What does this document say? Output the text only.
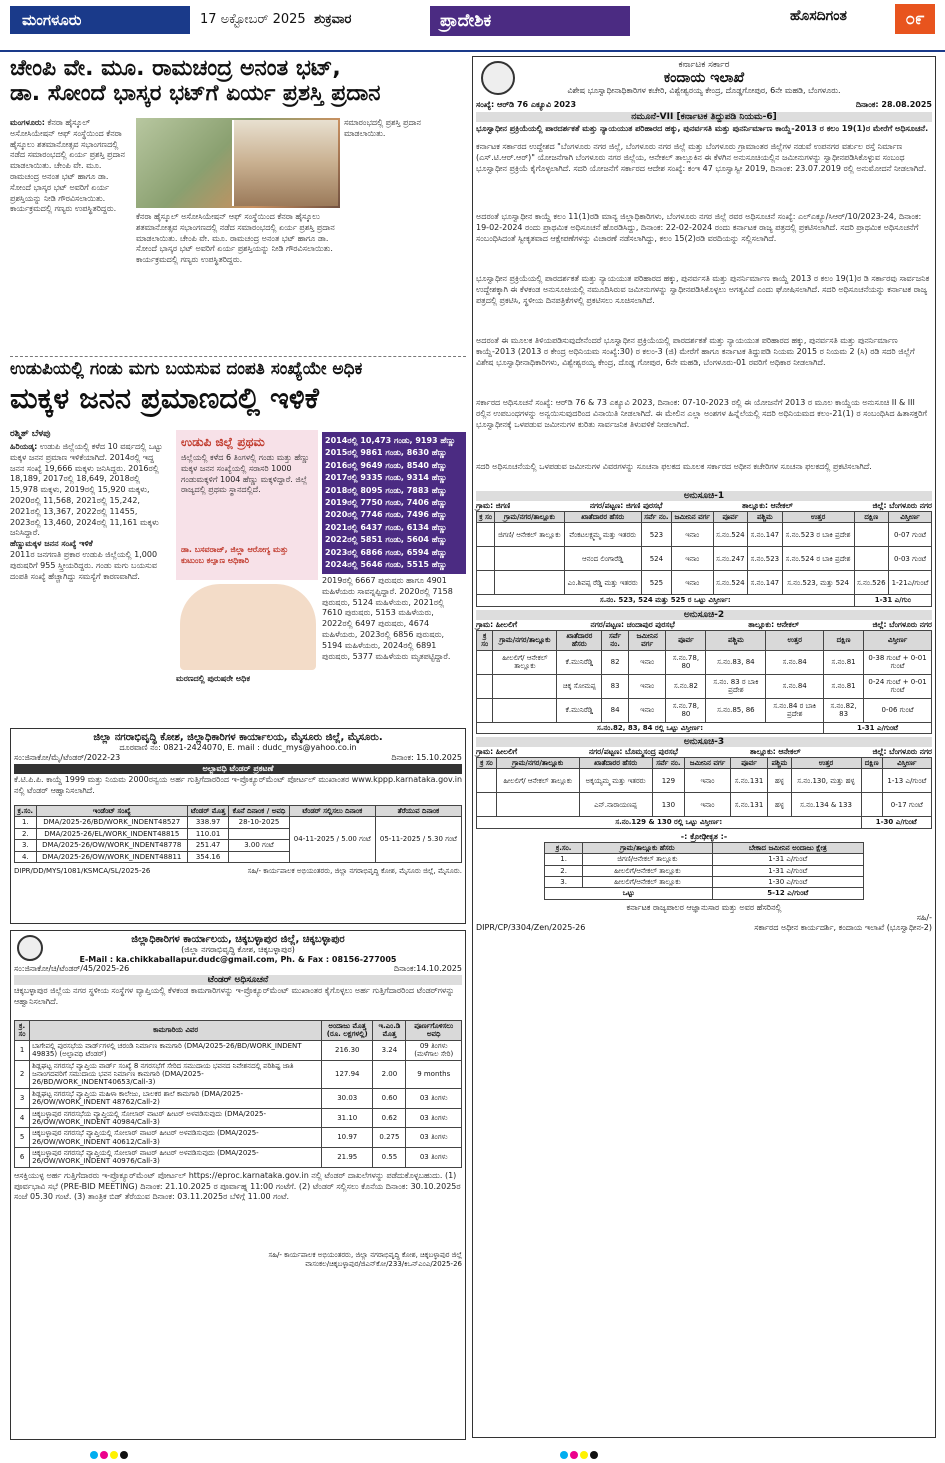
ಮಂಗಳೂರು	17 ಅಕ್ಟೋಬರ್ 2025 ಶುಕ್ರವಾರ	ಪ್ರಾದೇಶಿಕ	ಹೊಸದಿಗಂತ	೦೯
ಚೇಂಪಿ ವೇ. ಮೂ. ರಾಮಚಂದ್ರ ಅನಂತ ಭಟ್,
ಡಾ. ಸೋಂದೆ ಭಾಸ್ಕರ ಭಟ್‌ಗೆ ಏರ್ಯ ಪ್ರಶಸ್ತಿ ಪ್ರದಾನ
ಮಂಗಳೂರು: ಕೆನರಾ ಹೈಸ್ಕೂಲ್ ಅಸೋಸಿಯೇಷನ್ ಆಫ್ ಸಂಸ್ಥೆಯಿಂದ ಕೆನರಾ ಹೈಸ್ಕೂಲು ಶತಮಾನೋತ್ಸವ ಸಭಾಂಗಣದಲ್ಲಿ ನಡೆದ ಸಮಾರಂಭದಲ್ಲಿ ಏರ್ಯ ಪ್ರಶಸ್ತಿ ಪ್ರದಾನ ಮಾಡಲಾಯಿತು. ಚೇಂಪಿ ವೇ. ಮೂ. ರಾಮಚಂದ್ರ ಅನಂತ ಭಟ್ ಹಾಗೂ ಡಾ. ಸೋಂದೆ ಭಾಸ್ಕರ ಭಟ್ ಅವರಿಗೆ ಏರ್ಯ ಪ್ರಶಸ್ತಿಯನ್ನು ನೀಡಿ ಗೌರವಿಸಲಾಯಿತು. ಕಾರ್ಯಕ್ರಮದಲ್ಲಿ ಗಣ್ಯರು ಉಪಸ್ಥಿತರಿದ್ದರು.
ಕೆನರಾ ಹೈಸ್ಕೂಲ್ ಅಸೋಸಿಯೇಷನ್ ಆಫ್ ಸಂಸ್ಥೆಯಿಂದ ಕೆನರಾ ಹೈಸ್ಕೂಲು ಶತಮಾನೋತ್ಸವ ಸಭಾಂಗಣದಲ್ಲಿ ನಡೆದ ಸಮಾರಂಭದಲ್ಲಿ ಏರ್ಯ ಪ್ರಶಸ್ತಿ ಪ್ರದಾನ ಮಾಡಲಾಯಿತು. ಚೇಂಪಿ ವೇ. ಮೂ. ರಾಮಚಂದ್ರ ಅನಂತ ಭಟ್ ಹಾಗೂ ಡಾ. ಸೋಂದೆ ಭಾಸ್ಕರ ಭಟ್ ಅವರಿಗೆ ಏರ್ಯ ಪ್ರಶಸ್ತಿಯನ್ನು ನೀಡಿ ಗೌರವಿಸಲಾಯಿತು. ಕಾರ್ಯಕ್ರಮದಲ್ಲಿ ಗಣ್ಯರು ಉಪಸ್ಥಿತರಿದ್ದರು.
ಸಮಾರಂಭದಲ್ಲಿ ಪ್ರಶಸ್ತಿ ಪ್ರದಾನ ಮಾಡಲಾಯಿತು.
ಉಡುಪಿಯಲ್ಲಿ ಗಂಡು ಮಗು ಬಯಸುವ ದಂಪತಿ ಸಂಖ್ಯೆಯೇ ಅಧಿಕ
ಮಕ್ಕಳ ಜನನ ಪ್ರಮಾಣದಲ್ಲಿ ಇಳಿಕೆ
ರಶ್ಮಿತ್ ಬೆಳಪು
ಹಿರಿಯಡ್ಕ: ಉಡುಪಿ ಜಿಲ್ಲೆಯಲ್ಲಿ ಕಳೆದ 10 ವರ್ಷದಲ್ಲಿ ಒಟ್ಟು ಮಕ್ಕಳ ಜನನ ಪ್ರಮಾಣ ಇಳಿಕೆಯಾಗಿದೆ. 2014ರಲ್ಲಿ ಇದ್ದ ಜನನ ಸಂಖ್ಯೆ 19,666 ಮಕ್ಕಳು ಜನಿಸಿದ್ದರು. 2016ರಲ್ಲಿ 18,189, 2017ರಲ್ಲಿ 18,649, 2018ರಲ್ಲಿ 15,978 ಮಕ್ಕಳು, 2019ರಲ್ಲಿ 15,920 ಮಕ್ಕಳು, 2020ರಲ್ಲಿ 11,568, 2021ರಲ್ಲಿ 15,242, 2021ರಲ್ಲಿ 13,367, 2022ರಲ್ಲಿ 11455, 2023ರಲ್ಲಿ 13,460, 2024ರಲ್ಲಿ 11,161 ಮಕ್ಕಳು ಜನಿಸಿದ್ದಾರೆ.
ಹೆಣ್ಣುಮಕ್ಕಳ ಜನನ ಸಂಖ್ಯೆ ಇಳಿಕೆ
2011ರ ಜನಗಣತಿ ಪ್ರಕಾರ ಉಡುಪಿ ಜಿಲ್ಲೆಯಲ್ಲಿ 1,000 ಪುರುಷರಿಗೆ 955 ಸ್ತ್ರೀಯರಿದ್ದರು. ಗಂಡು ಮಗು ಬಯಸುವ ದಂಪತಿ ಸಂಖ್ಯೆ ಹೆಚ್ಚಾಗಿದ್ದು ಸಮಸ್ಯೆಗೆ ಕಾರಣವಾಗಿದೆ.
ಉಡುಪಿ ಜಿಲ್ಲೆ ಪ್ರಥಮ
ಜಿಲ್ಲೆಯಲ್ಲಿ ಕಳೆದ 6 ತಿಂಗಳಲ್ಲಿ ಗಂಡು ಮತ್ತು ಹೆಣ್ಣು ಮಕ್ಕಳ ಜನನ ಸಂಖ್ಯೆಯಲ್ಲಿ ಸರಾಸರಿ 1000 ಗಂಡುಮಕ್ಕಳಿಗೆ 1004 ಹೆಣ್ಣು ಮಕ್ಕಳಿದ್ದಾರೆ. ಜಿಲ್ಲೆ ರಾಜ್ಯದಲ್ಲಿ ಪ್ರಥಮ ಸ್ಥಾನದಲ್ಲಿದೆ.
ಡಾ. ಬಸವರಾಜ್, ಜಿಲ್ಲಾ ಆರೋಗ್ಯ ಮತ್ತು ಕುಟುಂಬ ಕಲ್ಯಾಣ ಅಧಿಕಾರಿ
2014ರಲ್ಲಿ 10,473 ಗಂಡು, 9193 ಹೆಣ್ಣು
2015ರಲ್ಲಿ 9861 ಗಂಡು, 8630 ಹೆಣ್ಣು
2016ರಲ್ಲಿ 9649 ಗಂಡು, 8540 ಹೆಣ್ಣು
2017ರಲ್ಲಿ 9335 ಗಂಡು, 9314 ಹೆಣ್ಣು
2018ರಲ್ಲಿ 8095 ಗಂಡು, 7883 ಹೆಣ್ಣು
2019ರಲ್ಲಿ 7750 ಗಂಡು, 7406 ಹೆಣ್ಣು
2020ರಲ್ಲಿ 7746 ಗಂಡು, 7496 ಹೆಣ್ಣು
2021ರಲ್ಲಿ 6437 ಗಂಡು, 6134 ಹೆಣ್ಣು
2022ರಲ್ಲಿ 5851 ಗಂಡು, 5604 ಹೆಣ್ಣು
2023ರಲ್ಲಿ 6866 ಗಂಡು, 6594 ಹೆಣ್ಣು
2024ರಲ್ಲಿ 5646 ಗಂಡು, 5515 ಹೆಣ್ಣು
2019ರಲ್ಲಿ 6667 ಪುರುಷರು ಹಾಗೂ 4901 ಮಹಿಳೆಯರು ಸಾವನ್ನಪ್ಪಿದ್ದಾರೆ. 2020ರಲ್ಲಿ 7158 ಪುರುಷರು, 5124 ಮಹಿಳೆಯರು, 2021ರಲ್ಲಿ 7610 ಪುರುಷರು, 5153 ಮಹಿಳೆಯರು, 2022ರಲ್ಲಿ 6497 ಪುರುಷರು, 4674 ಮಹಿಳೆಯರು, 2023ರಲ್ಲಿ 6856 ಪುರುಷರು, 5194 ಮಹಿಳೆಯರು, 2024ರಲ್ಲಿ 6891 ಪುರುಷರು, 5377 ಮಹಿಳೆಯರು ಮೃತಪಟ್ಟಿದ್ದಾರೆ.
ಮರಣದಲ್ಲಿ ಪುರುಷರೇ ಅಧಿಕ
ಜಿಲ್ಲಾ ನಗರಾಭಿವೃದ್ಧಿ ಕೋಶ, ಜಿಲ್ಲಾಧಿಕಾರಿಗಳ ಕಾರ್ಯಾಲಯ, ಮೈಸೂರು ಜಿಲ್ಲೆ, ಮೈಸೂರು.
ದೂರವಾಣಿ ನಂ: 0821-2424070, E. mail : dudc_mys@yahoo.co.in
ಸಂ:ಜಿನಾಕೋ/ಮೈ/ಟೆಂಡರ್/2022-23	ದಿನಾಂಕ: 15.10.2025
ಅಲ್ಪಾವಧಿ ಟೆಂಡರ್ ಪ್ರಕಟಣೆ
ಕೆ.ಟಿ.ಪಿ.ಪಿ. ಕಾಯ್ದೆ 1999 ಮತ್ತು ನಿಯಮ 2000ರನ್ವಯ ಅರ್ಹ ಗುತ್ತಿಗೆದಾರರಿಂದ ಇ-ಪ್ರೊಕ್ಯೂರ್‌ಮೆಂಟ್ ಪೋರ್ಟಲ್ ಮುಖಾಂತರ www.kppp.karnataka.gov.in ನಲ್ಲಿ ಟೆಂಡರ್ ಆಹ್ವಾನಿಸಲಾಗಿದೆ.
ಕ್ರ.ಸಂ.	ಇಂಡೆಂಟ್ ಸಂಖ್ಯೆ	ಟೆಂಡರ್ ಮೊತ್ತ	ಕೊನೆ ದಿನಾಂಕ / ಅವಧಿ	ಟೆಂಡರ್ ಸಲ್ಲಿಸಲು ದಿನಾಂಕ	ತೆರೆಯುವ ದಿನಾಂಕ
1.	DMA/2025-26/BD/WORK_INDENT48527	338.97	28-10-2025	04-11-2025 / 5.00 ಗಂಟೆ	05-11-2025 / 5.30 ಗಂಟೆ
2.	DMA/2025-26/EL/WORK_INDENT48815	110.01			
3.	DMA/2025-26/OW/WORK_INDENT48778	251.47	3.00 ಗಂಟೆ		
4.	DMA/2025-26/OW/WORK_INDENT48811	354.16			
DIPR/DD/MYS/1081/KSMCA/SL/2025-26	ಸಹಿ/- ಕಾರ್ಯಪಾಲಕ ಅಭಿಯಂತರರು, ಜಿಲ್ಲಾ ನಗರಾಭಿವೃದ್ಧಿ ಕೋಶ, ಮೈಸೂರು ಜಿಲ್ಲೆ, ಮೈಸೂರು.
ಜಿಲ್ಲಾಧಿಕಾರಿಗಳ ಕಾರ್ಯಾಲಯ, ಚಿಕ್ಕಬಳ್ಳಾಪುರ ಜಿಲ್ಲೆ, ಚಿಕ್ಕಬಳ್ಳಾಪುರ
(ಜಿಲ್ಲಾ ನಗರಾಭಿವೃದ್ಧಿ ಕೋಶ, ಚಿಕ್ಕಬಳ್ಳಾಪುರ)
E-Mail : ka.chikkaballapur.dudc@gmail.com, Ph. & Fax : 08156-277005
ಸಂ:ಜಿನಾಕೋ/ಚಿ/ಟೆಂಡರ್/45/2025-26	ದಿನಾಂಕ:14.10.2025
ಟೆಂಡರ್ ಅಧಿಸೂಚನೆ
ಚಿಕ್ಕಬಳ್ಳಾಪುರ ಜಿಲ್ಲೆಯ ನಗರ ಸ್ಥಳೀಯ ಸಂಸ್ಥೆಗಳ ವ್ಯಾಪ್ತಿಯಲ್ಲಿ ಕೆಳಕಂಡ ಕಾಮಗಾರಿಗಳನ್ನು ಇ-ಪ್ರೊಕ್ಯೂರ್‌ಮೆಂಟ್ ಮುಖಾಂತರ ಕೈಗೊಳ್ಳಲು ಅರ್ಹ ಗುತ್ತಿಗೆದಾರರಿಂದ ಟೆಂಡರ್‌ಗಳನ್ನು ಆಹ್ವಾನಿಸಲಾಗಿದೆ.
ಕ್ರ. ಸಂ	ಕಾಮಗಾರಿಯ ವಿವರ	ಅಂದಾಜು ಮೊತ್ತ (ರೂ. ಲಕ್ಷಗಳಲ್ಲಿ)	ಇ.ಎಂ.ಡಿ ಮೊತ್ತ	ಪೂರ್ಣಗೊಳಿಸಲು ಅವಧಿ
1	ಬಾಗೇಪಲ್ಲಿ ಪುರಸಭೆಯ ವಾರ್ಡ್‌ಗಳಲ್ಲಿ ಚರಂಡಿ ನಿರ್ಮಾಣ ಕಾಮಗಾರಿ (DMA/2025-26/BD/WORK_INDENT 49835) (ಅಲ್ಪಾವಧಿ ಟೆಂಡರ್)	216.30	3.24	09 ತಿಂಗಳು (ಮಳೆಗಾಲ ಸೇರಿ)
2	ಶಿಡ್ಲಘಟ್ಟ ನಗರಸಭೆ ವ್ಯಾಪ್ತಿಯ ವಾರ್ಡ್ ಸಂಖ್ಯೆ 8 ನಗರಸಭೆಗೆ ಸೇರಿದ ಸಮುದಾಯ ಭವನದ ನಿವೇಶನದಲ್ಲಿ ಪರಿಶಿಷ್ಟ ಜಾತಿ ಜನಾಂಗದವರಿಗೆ ಸಮುದಾಯ ಭವನ ನಿರ್ಮಾಣ ಕಾಮಗಾರಿ (DMA/2025-26/BD/WORK_INDENT40653/Call-3)	127.94	2.00	9 months
3	ಶಿಡ್ಲಘಟ್ಟ ನಗರಸಭೆ ವ್ಯಾಪ್ತಿಯ ಮಹಿಳಾ ಕಾಲೇಜು, ಬಾಲಕರ ಶಾಲೆ ಕಾಮಗಾರಿ (DMA/2025-26/OW/WORK_INDENT 48762/Call-2)	30.03	0.60	03 ತಿಂಗಳು
4	ಚಿಕ್ಕಬಳ್ಳಾಪುರ ನಗರಸಭೆಯ ವ್ಯಾಪ್ತಿಯಲ್ಲಿ ಸೋಲಾರ್ ವಾಟರ್ ಹೀಟರ್ ಅಳವಡಿಸುವುದು (DMA/2025-26/OW/WORK_INDENT 40984/Call-3)	31.10	0.62	03 ತಿಂಗಳು
5	ಚಿಕ್ಕಬಳ್ಳಾಪುರ ನಗರಸಭೆ ವ್ಯಾಪ್ತಿಯಲ್ಲಿ ಸೋಲಾರ್ ವಾಟರ್ ಹೀಟರ್ ಅಳವಡಿಸುವುದು (DMA/2025-26/OW/WORK_INDENT 40612/Call-3)	10.97	0.275	03 ತಿಂಗಳು
6	ಚಿಕ್ಕಬಳ್ಳಾಪುರ ನಗರಸಭೆ ವ್ಯಾಪ್ತಿಯಲ್ಲಿ ಸೋಲಾರ್ ವಾಟರ್ ಹೀಟರ್ ಅಳವಡಿಸುವುದು (DMA/2025-26/OW/WORK_INDENT 40976/Call-3)	21.95	0.55	03 ತಿಂಗಳು
ಆಸಕ್ತಿಯುಳ್ಳ ಅರ್ಹ ಗುತ್ತಿಗೆದಾರರು ಇ-ಪ್ರೊಕ್ಯೂರ್‌ಮೆಂಟ್ ಪೋರ್ಟಲ್ https://eproc.karnataka.gov.in ನಲ್ಲಿ ಟೆಂಡರ್ ದಾಖಲೆಗಳನ್ನು ಪಡೆದುಕೊಳ್ಳಬಹುದು. (1) ಪೂರ್ವಭಾವಿ ಸಭೆ (PRE-BID MEETING) ದಿನಾಂಕ: 21.10.2025 ರ ಪೂರ್ವಾಹ್ನ 11:00 ಗಂಟೆಗೆ. (2) ಟೆಂಡರ್ ಸಲ್ಲಿಸಲು ಕೊನೆಯ ದಿನಾಂಕ: 30.10.2025ರ ಸಂಜೆ 05.30 ಗಂಟೆ. (3) ತಾಂತ್ರಿಕ ಬಿಡ್ ತೆರೆಯುವ ದಿನಾಂಕ: 03.11.2025ರ ಬೆಳಿಗ್ಗೆ 11.00 ಗಂಟೆ.
ಸಹಿ/- ಕಾರ್ಯಪಾಲಕ ಅಭಿಯಂತರರು, ಜಿಲ್ಲಾ ನಗರಾಭಿವೃದ್ಧಿ ಕೋಶ, ಚಿಕ್ಕಬಳ್ಳಾಪುರ ಜಿಲ್ಲೆ
ವಾಸಂಕಲ/ಚಿಕ್ಕಬಳ್ಳಾಪುರ/ಜಿಎನ್‌ಕೋ/233/ಕಿಒನ್‌ಎಂಎ/2025-26
ಕರ್ನಾಟಕ ಸರ್ಕಾರ
ಕಂದಾಯ ಇಲಾಖೆ
ವಿಶೇಷ ಭೂಸ್ವಾಧೀನಾಧಿಕಾರಿಗಳ ಕಚೇರಿ, ವಿಶ್ವೇಶ್ವರಯ್ಯ ಕೇಂದ್ರ, ದೊಡ್ಡಗೋಪುರ, 6ನೇ ಮಹಡಿ, ಬೆಂಗಳೂರು.
ಸಂಖ್ಯೆ: ಆರ್‌ಡಿ 76 ಎಕ್ಯೂವಿ 2023	ದಿನಾಂಕ: 28.08.2025
ನಮೂನೆ-VII [ಕರ್ನಾಟಕ ತಿದ್ದುಪಡಿ ನಿಯಮ-6]
ಭೂಸ್ವಾಧೀನ ಪ್ರಕ್ರಿಯೆಯಲ್ಲಿ ಪಾರದರ್ಶಕತೆ ಮತ್ತು ನ್ಯಾಯಯುತ ಪರಿಹಾರದ ಹಕ್ಕು, ಪುನರ್ವಸತಿ ಮತ್ತು ಪುನರ್ನಿರ್ಮಾಣ ಕಾಯ್ದೆ-2013 ರ ಕಲಂ 19(1)ರ ಮೇರೆಗೆ ಅಧಿಸೂಚನೆ.
ಕರ್ನಾಟಕ ಸರ್ಕಾರದ ಉದ್ದೇಶದ "ಬೆಂಗಳೂರು ನಗರ ಜಿಲ್ಲೆ, ಬೆಂಗಳೂರು ನಗರ ಜಿಲ್ಲೆ ಮತ್ತು ಬೆಂಗಳೂರು ಗ್ರಾಮಾಂತರ ಜಿಲ್ಲೆಗಳ ನಡುವೆ ಉಪನಗರ ವರ್ತುಲ ರಸ್ತೆ ನಿರ್ಮಾಣ (ಎಸ್.ಟಿ.ಆರ್.ಆರ್)" ಯೋಜನೆಗಾಗಿ ಬೆಂಗಳೂರು ನಗರ ಜಿಲ್ಲೆಯ, ಆನೇಕಲ್ ತಾಲ್ಲೂಕಿನ ಈ ಕೆಳಗಿನ ಅನುಸೂಚಿಯಲ್ಲಿನ ಜಮೀನುಗಳನ್ನು ಸ್ವಾಧೀನಪಡಿಸಿಕೊಳ್ಳುವ ಸಂಬಂಧ ಭೂಸ್ವಾಧೀನ ಪ್ರಕ್ರಿಯೆ ಕೈಗೊಳ್ಳಲಾಗಿದೆ. ಸದರಿ ಯೋಜನೆಗೆ ಸರ್ಕಾರದ ಆದೇಶ ಸಂಖ್ಯೆ: ಕಂಇ 47 ಭೂಸ್ವಾಸ್ವೀ 2019, ದಿನಾಂಕ: 23.07.2019 ರಲ್ಲಿ ಅನುಮೋದನೆ ನೀಡಲಾಗಿದೆ.
ಅದರಂತೆ ಭೂಸ್ವಾಧೀನ ಕಾಯ್ದೆ ಕಲಂ 11(1)ರಡಿ ಮಾನ್ಯ ಜಿಲ್ಲಾಧಿಕಾರಿಗಳು, ಬೆಂಗಳೂರು ನಗರ ಜಿಲ್ಲೆ ರವರ ಅಧಿಸೂಚನೆ ಸಂಖ್ಯೆ: ಎಲ್‌ಎಕ್ಯೂ/ಸಿಆರ್/10/2023-24, ದಿನಾಂಕ: 19-02-2024 ರಂದು ಪ್ರಾಥಮಿಕ ಅಧಿಸೂಚನೆ ಹೊರಡಿಸಿದ್ದು, ದಿನಾಂಕ: 22-02-2024 ರಂದು ಕರ್ನಾಟಕ ರಾಜ್ಯ ಪತ್ರದಲ್ಲಿ ಪ್ರಕಟಿಸಲಾಗಿದೆ. ಸದರಿ ಪ್ರಾಥಮಿಕ ಅಧಿಸೂಚನೆಗೆ ಸಂಬಂಧಿಸಿದಂತೆ ಸ್ವೀಕೃತವಾದ ಆಕ್ಷೇಪಣೆಗಳನ್ನು ವಿಚಾರಣೆ ನಡೆಸಲಾಗಿದ್ದು, ಕಲಂ 15(2)ರಡಿ ವರದಿಯನ್ನು ಸಲ್ಲಿಸಲಾಗಿದೆ.
ಭೂಸ್ವಾಧೀನ ಪ್ರಕ್ರಿಯೆಯಲ್ಲಿ ಪಾರದರ್ಶಕತೆ ಮತ್ತು ನ್ಯಾಯಯುತ ಪರಿಹಾರದ ಹಕ್ಕು, ಪುನರ್ವಸತಿ ಮತ್ತು ಪುನರ್ನಿರ್ಮಾಣ ಕಾಯ್ದೆ 2013 ರ ಕಲಂ 19(1)ರ ಡಿ ಸರ್ಕಾರವು ಸಾರ್ವಜನಿಕ ಉದ್ದೇಶಕ್ಕಾಗಿ ಈ ಕೆಳಕಂಡ ಅನುಸೂಚಿಯಲ್ಲಿ ನಮೂದಿಸಿರುವ ಜಮೀನುಗಳನ್ನು ಸ್ವಾಧೀನಪಡಿಸಿಕೊಳ್ಳಲು ಅಗತ್ಯವಿದೆ ಎಂದು ಘೋಷಿಸಲಾಗಿದೆ. ಸದರಿ ಅಧಿಸೂಚನೆಯನ್ನು ಕರ್ನಾಟಕ ರಾಜ್ಯ ಪತ್ರದಲ್ಲಿ ಪ್ರಕಟಿಸಿ, ಸ್ಥಳೀಯ ದಿನಪತ್ರಿಕೆಗಳಲ್ಲಿ ಪ್ರಕಟಿಸಲು ಸೂಚಿಸಲಾಗಿದೆ.
ಅದರಂತೆ ಈ ಮೂಲಕ ತಿಳಿಯಪಡಿಸುವುದೇನೆಂದರೆ ಭೂಸ್ವಾಧೀನ ಪ್ರಕ್ರಿಯೆಯಲ್ಲಿ ಪಾರದರ್ಶಕತೆ ಮತ್ತು ನ್ಯಾಯಯುತ ಪರಿಹಾರದ ಹಕ್ಕು, ಪುನರ್ವಸತಿ ಮತ್ತು ಪುನರ್ನಿರ್ಮಾಣ ಕಾಯ್ದೆ-2013 (2013 ರ ಕೇಂದ್ರ ಅಧಿನಿಯಮ ಸಂಖ್ಯೆ:30) ರ ಕಲಂ-3 (ಜಿ) ಮೇರೆಗೆ ಹಾಗೂ ಕರ್ನಾಟಕ ತಿದ್ದುಪಡಿ ನಿಯಮ 2015 ರ ನಿಯಮ 2 (ಸಿ) ರಡಿ ಸದರಿ ಜಿಲ್ಲೆಗೆ ವಿಶೇಷ ಭೂಸ್ವಾಧೀನಾಧಿಕಾರಿಗಳು, ವಿಶ್ವೇಶ್ವರಯ್ಯ ಕೇಂದ್ರ, ದೊಡ್ಡ ಗೋಪುರ, 6ನೇ ಮಹಡಿ, ಬೆಂಗಳೂರು-01 ರವರಿಗೆ ಅಧಿಕಾರ ನೀಡಲಾಗಿದೆ.
ಸರ್ಕಾರದ ಅಧಿಸೂಚನೆ ಸಂಖ್ಯೆ: ಆರ್‌ಡಿ 76 & 73 ಎಕ್ಯೂವಿ 2023, ದಿನಾಂಕ: 07-10-2023 ರಲ್ಲಿ ಈ ಯೋಜನೆಗೆ 2013 ರ ಮೂಲ ಕಾಯ್ದೆಯ ಅನುಸೂಚಿ II & III ರಲ್ಲಿನ ಉಪಬಂಧಗಳನ್ನು ಅನ್ವಯಿಸುವುದರಿಂದ ವಿನಾಯಿತಿ ನೀಡಲಾಗಿದೆ. ಈ ಮೇಲಿನ ಎಲ್ಲಾ ಅಂಶಗಳ ಹಿನ್ನೆಲೆಯಲ್ಲಿ ಸದರಿ ಅಧಿನಿಯಮದ ಕಲಂ-21(1) ರ ಸಂಬಂಧಿಸಿದ ಹಿತಾಸಕ್ತರಿಗೆ ಭೂಸ್ವಾಧೀನಕ್ಕೆ ಒಳಪಡುವ ಜಮೀನುಗಳ ಕುರಿತು ಸಾರ್ವಜನಿಕ ತಿಳುವಳಿಕೆ ನೀಡಲಾಗಿದೆ.
ಸದರಿ ಅಧಿಸೂಚನೆಯಲ್ಲಿ ಒಳಪಡುವ ಜಮೀನುಗಳ ವಿವರಗಳನ್ನು ಸೂಚನಾ ಫಲಕದ ಮೂಲಕ ಸರ್ಕಾರದ ಅಧೀನ ಕಚೇರಿಗಳ ಸೂಚನಾ ಫಲಕದಲ್ಲಿ ಪ್ರಕಟಿಸಲಾಗಿದೆ.
ಅನುಸೂಚಿ-1
ಗ್ರಾಮ: ಜಿಗಣಿ	ನಗರ/ಪಟ್ಟಣ: ಜಿಗಣಿ ಪುರಸಭೆ	ತಾಲ್ಲೂಕು: ಆನೇಕಲ್	ಜಿಲ್ಲೆ: ಬೆಂಗಳೂರು ನಗರ
ಕ್ರ ಸಂ	ಗ್ರಾಮ/ನಗರ/ತಾಲ್ಲೂಕು	ಖಾತೆದಾರರ ಹೆಸರು	ಸರ್ವೆ ನಂ.	ಜಮೀನಿನ ವರ್ಗ	ಪೂರ್ವ	ಪಶ್ಚಿಮ	ಉತ್ತರ	ದಕ್ಷಿಣ	ವಿಸ್ತೀರ್ಣ
	ಜಿಗಣಿ/ ಆನೇಕಲ್ ತಾಲ್ಲೂಕು	ವೆಂಕಟಲಕ್ಷ್ಮಮ್ಮ ಮತ್ತು ಇತರರು	523	ಇನಾಂ	ಸ.ನಂ.524	ಸ.ನಂ.147	ಸ.ನಂ.523 ರ ಬಾಕಿ ಪ್ರದೇಶ		0-07 ಗುಂಟೆ
		ಆನಂದ ಲಿಂಗಾರೆಡ್ಡಿ	524	ಇನಾಂ	ಸ.ನಂ.247	ಸ.ನಂ.523	ಸ.ನಂ.524 ರ ಬಾಕಿ ಪ್ರದೇಶ		0-03 ಗುಂಟೆ
		ಎಂ.ಶಿವಪ್ಪ ರೆಡ್ಡಿ ಮತ್ತು ಇತರರು	525	ಇನಾಂ	ಸ.ನಂ.524	ಸ.ನಂ.147	ಸ.ನಂ.523, ಮತ್ತು 524	ಸ.ನಂ.526	1-21ಎ/ಗುಂಟೆ
ಸ.ನಂ. 523, 524 ಮತ್ತು 525 ರ ಒಟ್ಟು ವಿಸ್ತೀರ್ಣ:								1-31 ಎ/ಗುಂ	
ಅನುಸೂಚಿ-2
ಗ್ರಾಮ: ಹೀಲಲಿಗೆ	ನಗರ/ಪಟ್ಟಣ: ಚಂದಾಪುರ ಪುರಸಭೆ	ತಾಲ್ಲೂಕು: ಆನೇಕಲ್	ಜಿಲ್ಲೆ: ಬೆಂಗಳೂರು ನಗರ
ಕ್ರ ಸಂ	ಗ್ರಾಮ/ನಗರ/ತಾಲ್ಲೂಕು	ಖಾತೆದಾರರ ಹೆಸರು	ಸರ್ವೆ ನಂ.	ಜಮೀನಿನ ವರ್ಗ	ಪೂರ್ವ	ಪಶ್ಚಿಮ	ಉತ್ತರ	ದಕ್ಷಿಣ	ವಿಸ್ತೀರ್ಣ
	ಹೀಲಲಿಗೆ/ ಆನೇಕಲ್ ತಾಲ್ಲೂಕು	ಕೆ.ಮುನಿರೆಡ್ಡಿ	82	ಇನಾಂ	ಸ.ನಂ.78, 80	ಸ.ನಂ.83, 84	ಸ.ನಂ.84	ಸ.ನಂ.81	0-38 ಗುಂಟೆ + 0-01 ಗುಂಟೆ
		ಚಿಕ್ಕ ಸೋಮಪ್ಪ	83	ಇನಾಂ	ಸ.ನಂ.82	ಸ.ನಂ. 83 ರ ಬಾಕಿ ಪ್ರದೇಶ	ಸ.ನಂ.84	ಸ.ನಂ.81	0-24 ಗುಂಟೆ + 0-01 ಗುಂಟೆ
		ಕೆ.ಮುನಿರೆಡ್ಡಿ	84	ಇನಾಂ	ಸ.ನಂ.78, 80	ಸ.ನಂ.85, 86	ಸ.ನಂ.84 ರ ಬಾಕಿ ಪ್ರದೇಶ	ಸ.ನಂ.82, 83	0-06 ಗುಂಟೆ
ಸ.ನಂ.82, 83, 84 ರಲ್ಲಿ ಒಟ್ಟು ವಿಸ್ತೀರ್ಣ:								1-31 ಎ/ಗುಂಟೆ	
ಅನುಸೂಚಿ-3
ಗ್ರಾಮ: ಹೀಲಲಿಗೆ	ನಗರ/ಪಟ್ಟಣ: ಬೊಮ್ಮಸಂದ್ರ ಪುರಸಭೆ	ತಾಲ್ಲೂಕು: ಆನೇಕಲ್	ಜಿಲ್ಲೆ: ಬೆಂಗಳೂರು ನಗರ
ಕ್ರ ಸಂ	ಗ್ರಾಮ/ನಗರ/ತಾಲ್ಲೂಕು	ಖಾತೆದಾರರ ಹೆಸರು	ಸರ್ವೆ ನಂ.	ಜಮೀನಿನ ವರ್ಗ	ಪೂರ್ವ	ಪಶ್ಚಿಮ	ಉತ್ತರ	ದಕ್ಷಿಣ	ವಿಸ್ತೀರ್ಣ
	ಹೀಲಲಿಗೆ/ ಆನೇಕಲ್ ತಾಲ್ಲೂಕು	ಅಕ್ಕಯ್ಯಮ್ಮ ಮತ್ತು ಇತರರು	129	ಇನಾಂ	ಸ.ನಂ.131	ಹಳ್ಳ	ಸ.ನಂ.130, ಮತ್ತು ಹಳ್ಳ		1-13 ಎ/ಗುಂಟೆ
		ಎನ್.ನಾರಾಯಣಪ್ಪ	130	ಇನಾಂ	ಸ.ನಂ.131	ಹಳ್ಳ	ಸ.ನಂ.134 & 133		0-17 ಗುಂಟೆ
ಸ.ನಂ.129 & 130 ರಲ್ಲಿ ಒಟ್ಟು ವಿಸ್ತೀರ್ಣ:								1-30 ಎ/ಗುಂಟೆ	
-: ಕ್ರೋಢೀಕೃತ :-
ಕ್ರ.ಸಂ.	ಗ್ರಾಮ/ತಾಲ್ಲೂಕು ಹೆಸರು	ಬೇಕಾದ ಜಮೀನಿನ ಅಂದಾಜು ಕ್ಷೇತ್ರ
1.	ಜಿಗಣಿ/ಆನೇಕಲ್ ತಾಲ್ಲೂಕು	1-31 ಎ/ಗುಂಟೆ
2.	ಹೀಲಲಿಗೆ/ಆನೇಕಲ್ ತಾಲ್ಲೂಕು	1-31 ಎ/ಗುಂಟೆ
3.	ಹೀಲಲಿಗೆ/ಆನೇಕಲ್ ತಾಲ್ಲೂಕು	1-30 ಎ/ಗುಂಟೆ
ಒಟ್ಟು		5-12 ಎ/ಗುಂಟೆ
ಕರ್ನಾಟಕ ರಾಜ್ಯಪಾಲರ ಆಜ್ಞಾನುಸಾರ ಮತ್ತು ಅವರ ಹೆಸರಿನಲ್ಲಿ
ಸಹಿ/-
DIPR/CP/3304/Zen/2025-26	ಸರ್ಕಾರದ ಅಧೀನ ಕಾರ್ಯದರ್ಶಿ, ಕಂದಾಯ ಇಲಾಖೆ (ಭೂಸ್ವಾಧೀನ-2)
